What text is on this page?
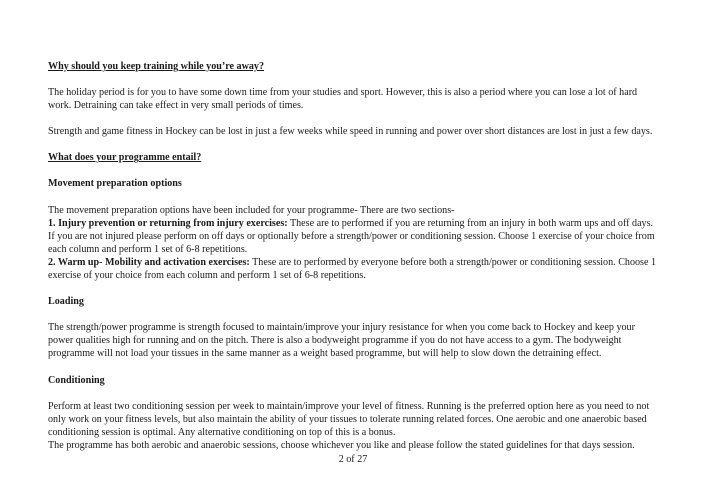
Why should you keep training while you’re away?

The holiday period is for you to have some down time from your studies and sport. However, this is also a period where you can lose a lot of hard work. Detraining can take effect in very small periods of times.

Strength and game fitness in Hockey can be lost in just a few weeks while speed in running and power over short distances are lost in just a few days.

What does your programme entail?

Movement preparation options

The movement preparation options have been included for your programme- There are two sections-

1. Injury prevention or returning from injury exercises: These are to performed if you are returning from an injury in both warm ups and off days. If you are not injured please perform on off days or optionally before a strength/power or conditioning session. Choose 1 exercise of your choice from each column and perform 1 set of 6-8 repetitions.

2. Warm up- Mobility and activation exercises: These are to performed by everyone before both a strength/power or conditioning session. Choose 1 exercise of your choice from each column and perform 1 set of 6-8 repetitions.

Loading

The strength/power programme is strength focused to maintain/improve your injury resistance for when you come back to Hockey and keep your power qualities high for running and on the pitch. There is also a bodyweight programme if you do not have access to a gym. The bodyweight programme will not load your tissues in the same manner as a weight based programme, but will help to slow down the detraining effect.

Conditioning

Perform at least two conditioning session per week to maintain/improve your level of fitness. Running is the preferred option here as you need to not only work on your fitness levels, but also maintain the ability of your tissues to tolerate running related forces. One aerobic and one anaerobic based conditioning session is optimal. Any alternative conditioning on top of this is a bonus.

The programme has both aerobic and anaerobic sessions, choose whichever you like and please follow the stated guidelines for that days session.

2 of 27
